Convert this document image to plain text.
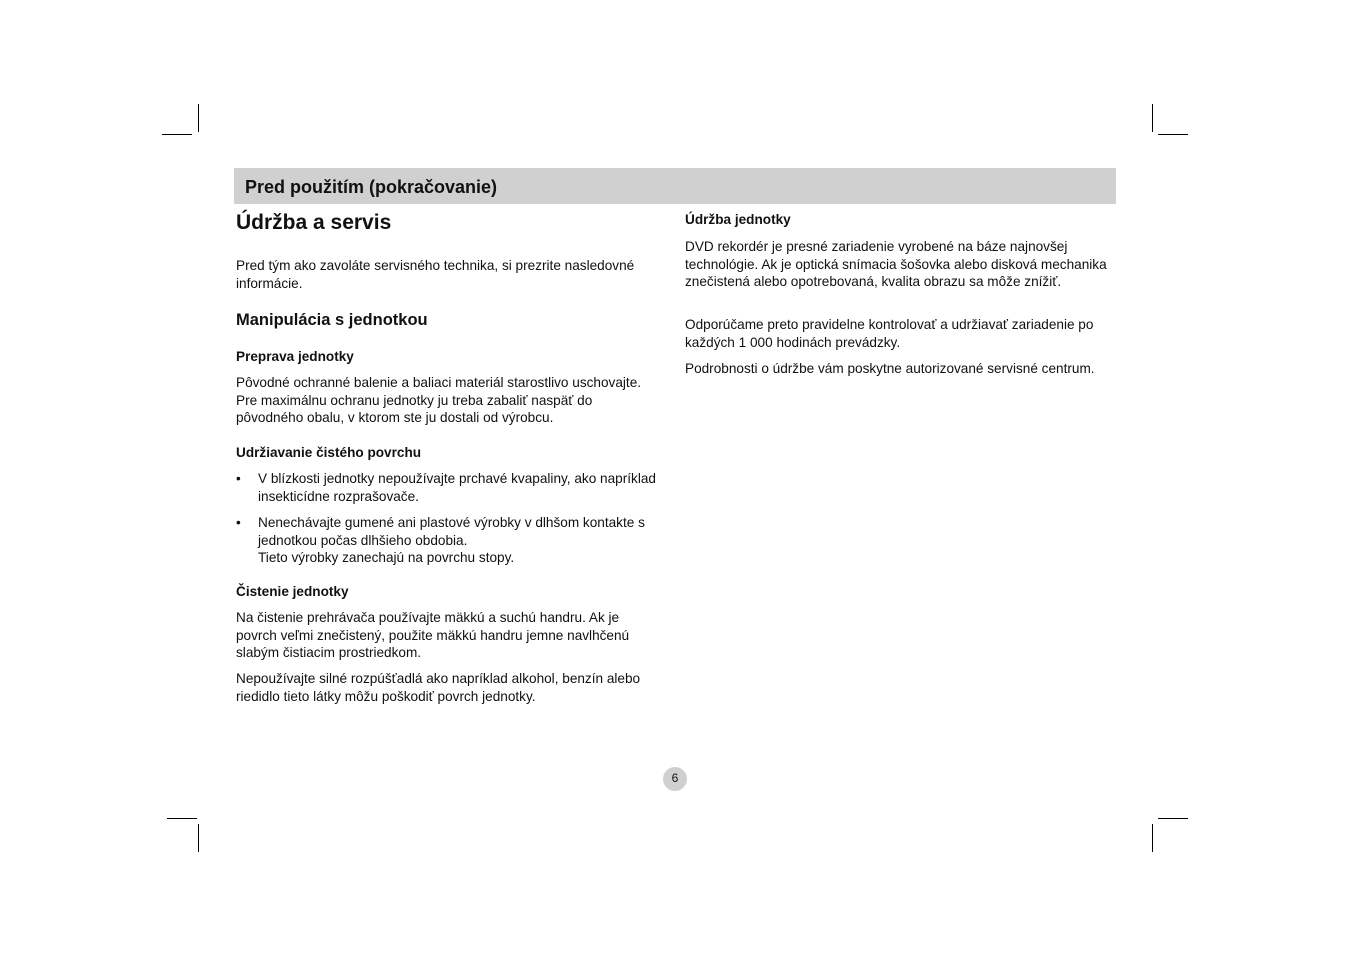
Pred použitím (pokračovanie)
Údržba a servis

Pred tým ako zavoláte servisného technika, si prezrite nasledovné informácie.

Manipulácia s jednotkou
Preprava jednotky

Pôvodné ochranné balenie a baliaci materiál starostlivo uschovajte. Pre maximálnu ochranu jednotky ju treba zabaliť naspäť do pôvodného obalu, v ktorom ste ju dostali od výrobcu.

Udržiavanie čistého povrchu
• V blízkosti jednotky nepoužívajte prchavé kvapaliny, ako napríklad insekticídne rozprašovače.
• Nenechávajte gumené ani plastové výrobky v dlhšom kontakte s jednotkou počas dlhšieho obdobia.
Tieto výrobky zanechajú na povrchu stopy.
Čistenie jednotky

Na čistenie prehrávača používajte mäkkú a suchú handru. Ak je povrch veľmi znečistený, použite mäkkú handru jemne navlhčenú slabým čistiacim prostriedkom.

Nepoužívajte silné rozpúšťadlá ako napríklad alkohol, benzín alebo riedidlo tieto látky môžu poškodiť povrch jednotky.

Údržba jednotky

DVD rekordér je presné zariadenie vyrobené na báze najnovšej technológie. Ak je optická snímacia šošovka alebo disková mechanika znečistená alebo opotrebovaná, kvalita obrazu sa môže znížiť.

Odporúčame preto pravidelne kontrolovať a udržiavať zariadenie po každých 1 000 hodinách prevádzky.

Podrobnosti o údržbe vám poskytne autorizované servisné centrum.

6
